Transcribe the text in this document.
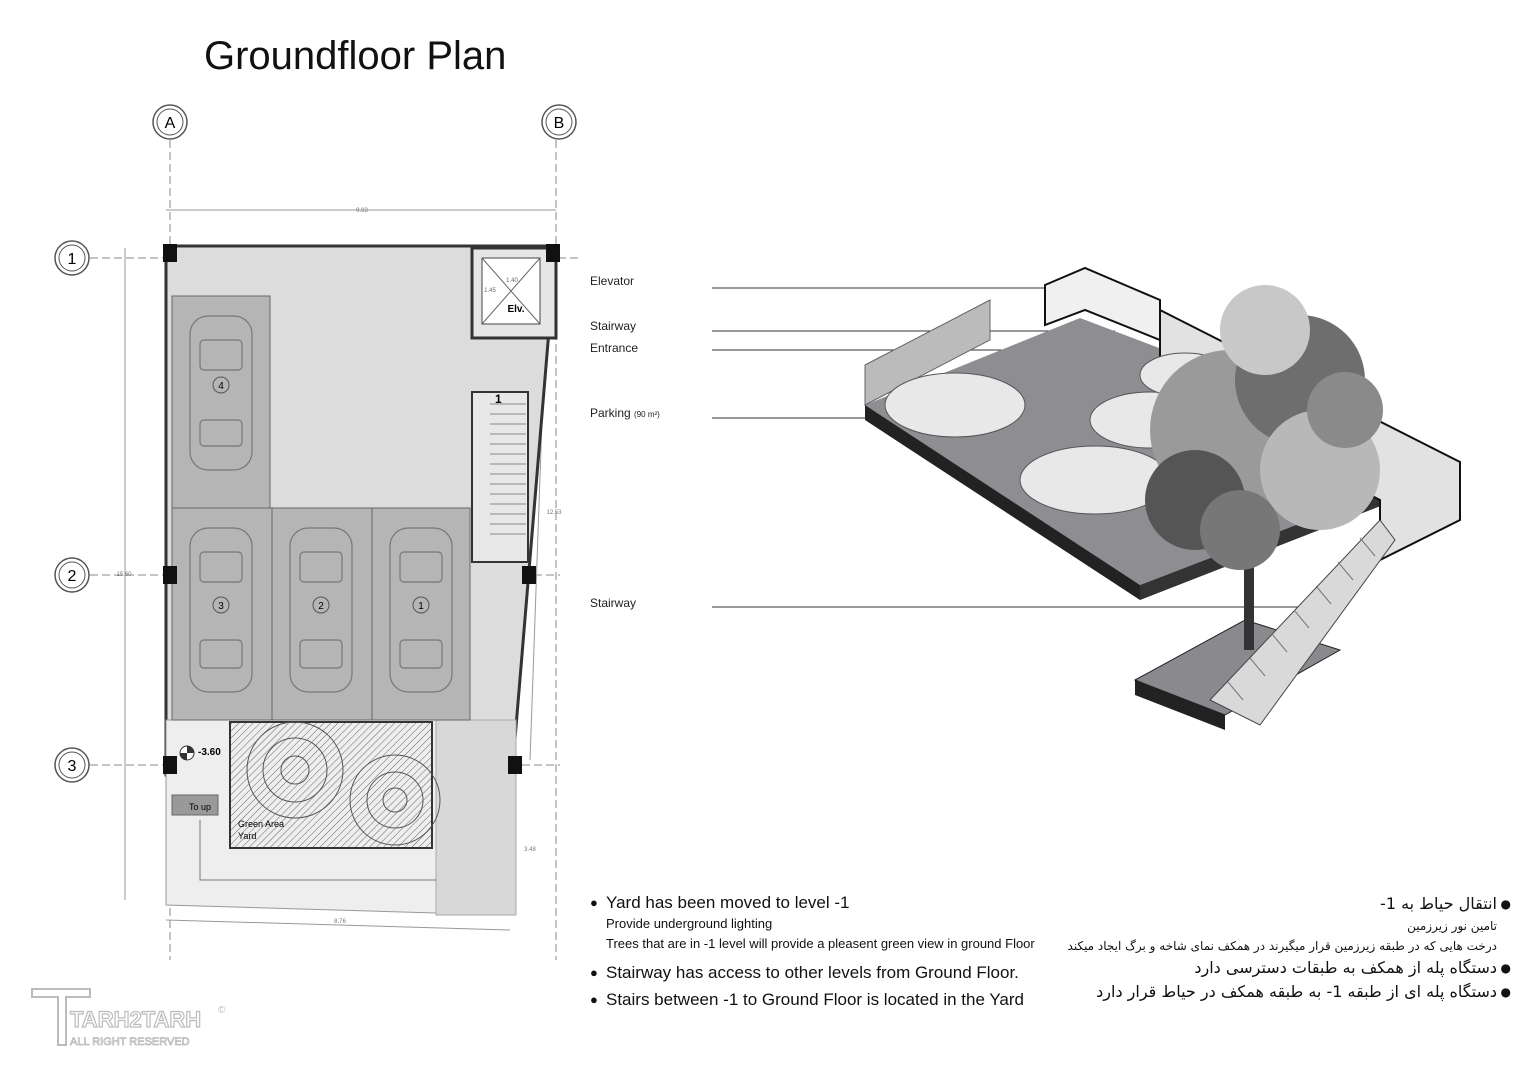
Groundfloor Plan
A	B
1
2
3
9.93
15.60
12.53
3.48
8.76
4
3	2	1
Elv.
1.40
1.45
1
Green Area
Yard
-3.60
To up
Elevator
Stairway
Entrance
Parking (90 m²)
Stairway
● Yard has been moved to level -1
Provide underground lighting
Trees that are in -1 level will provide a pleasent green view in ground Floor
● Stairway has access to other levels from Ground Floor.
● Stairs between -1 to Ground Floor is located in the Yard
● انتقال حیاط به 1-
تامین نور زیرزمین
درخت هایی که در طبقه زیرزمین قرار میگیرند در همکف نمای شاخه و برگ ایجاد میکند
● دستگاه پله از همکف به طبقات دسترسی دارد
● دستگاه پله ای از طبقه 1- به طبقه همکف در حیاط قرار دارد
TARH2TARH
ALL RIGHT RESERVED
©
